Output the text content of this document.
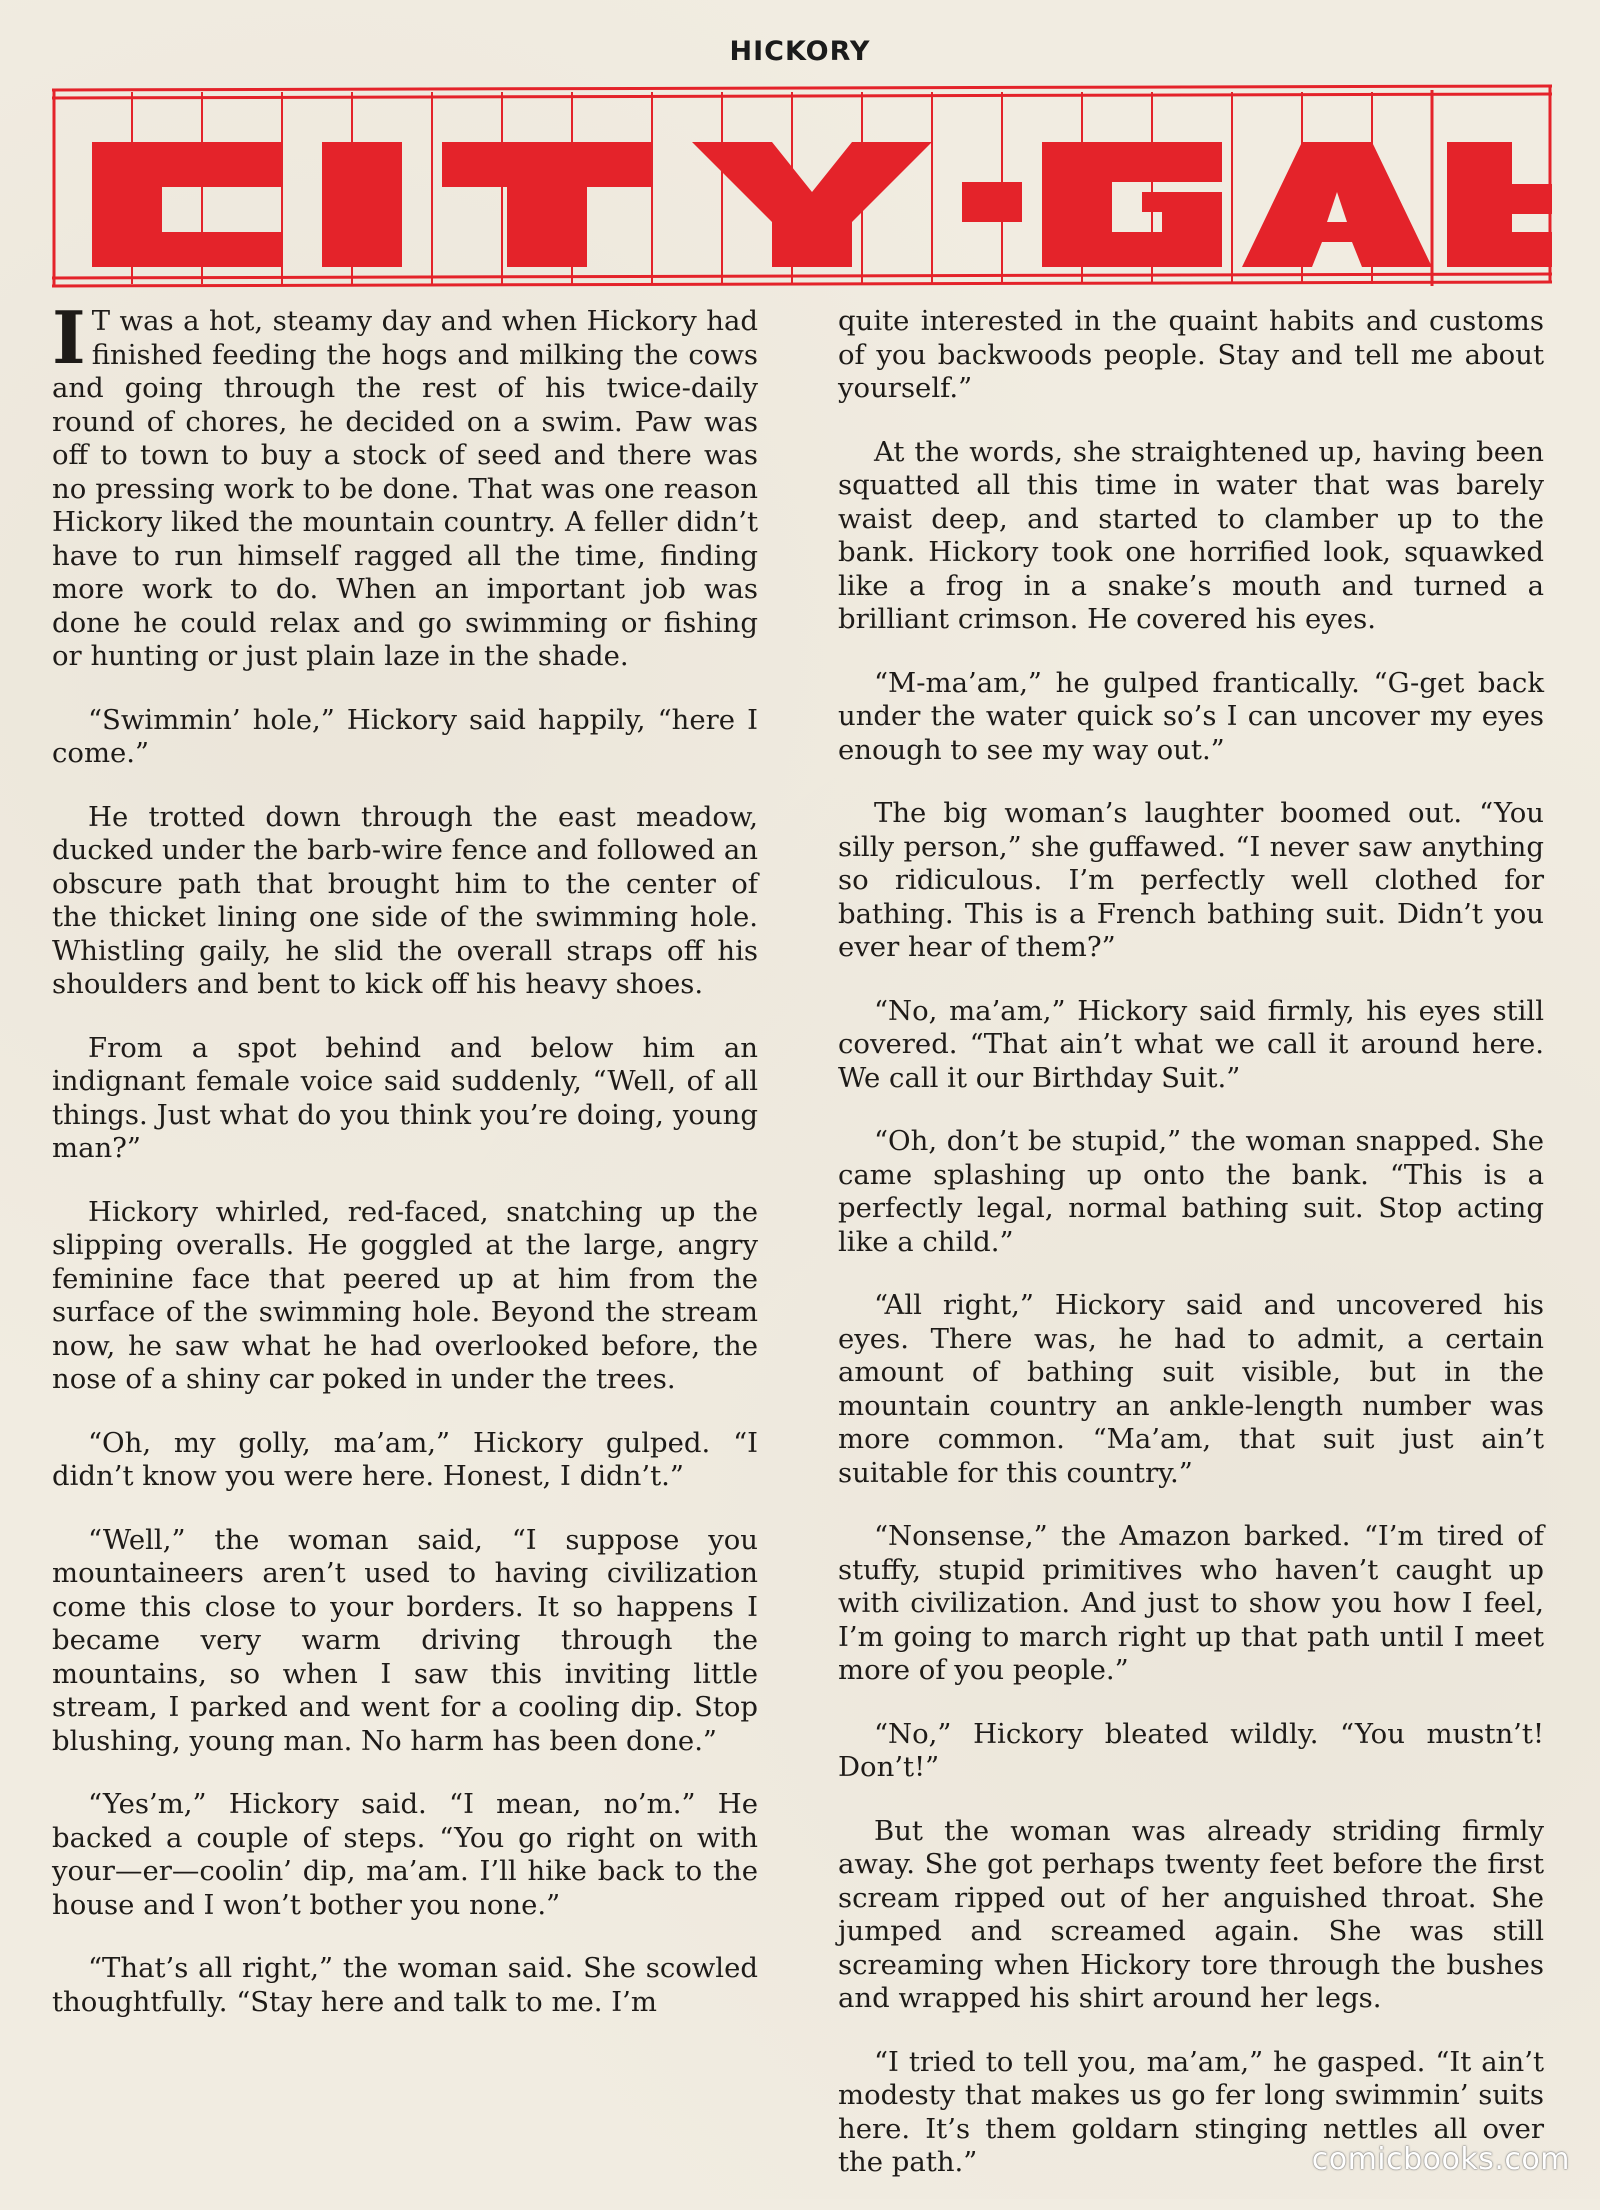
HICKORY

I T was a hot, steamy day and when Hickory had finished feeding the hogs and milking the cows and going through the rest of his twice-daily round of chores, he decided on a swim. Paw was off to town to buy a stock of seed and there was no pressing work to be done. That was one reason Hickory liked the mountain country. A feller didn’t have to run himself ragged all the time, finding more work to do. When an important job was done he could relax and go swimming or fishing or hunting or just plain laze in the shade.

“Swimmin’ hole,” Hickory said happily, “here I come.”

He trotted down through the east meadow, ducked under the barb-wire fence and followed an obscure path that brought him to the center of the thicket lining one side of the swimming hole. Whistling gaily, he slid the overall straps off his shoulders and bent to kick off his heavy shoes.

From a spot behind and below him an indignant female voice said suddenly, “Well, of all things. Just what do you think you’re doing, young man?”

Hickory whirled, red-faced, snatching up the slipping overalls. He goggled at the large, angry feminine face that peered up at him from the surface of the swimming hole. Beyond the stream now, he saw what he had overlooked before, the nose of a shiny car poked in under the trees.

“Oh, my golly, ma’am,” Hickory gulped. “I didn’t know you were here. Honest, I didn’t.”

“Well,” the woman said, “I suppose you mountaineers aren’t used to having civilization come this close to your borders. It so happens I became very warm driving through the mountains, so when I saw this inviting little stream, I parked and went for a cooling dip. Stop blushing, young man. No harm has been done.”

“Yes’m,” Hickory said. “I mean, no’m.” He backed a couple of steps. “You go right on with your—er—coolin’ dip, ma’am. I’ll hike back to the house and I won’t bother you none.”

“That’s all right,” the woman said. She scowled thoughtfully. “Stay here and talk to me. I’m

quite interested in the quaint habits and customs of you backwoods people. Stay and tell me about yourself.”

At the words, she straightened up, having been squatted all this time in water that was barely waist deep, and started to clamber up to the bank. Hickory took one horrified look, squawked like a frog in a snake’s mouth and turned a brilliant crimson. He covered his eyes.

“M-ma’am,” he gulped frantically. “G-get back under the water quick so’s I can uncover my eyes enough to see my way out.”

The big woman’s laughter boomed out. “You silly person,” she guffawed. “I never saw anything so ridiculous. I’m perfectly well clothed for bathing. This is a French bathing suit. Didn’t you ever hear of them?”

“No, ma’am,” Hickory said firmly, his eyes still covered. “That ain’t what we call it around here. We call it our Birthday Suit.”

“Oh, don’t be stupid,” the woman snapped. She came splashing up onto the bank. “This is a perfectly legal, normal bathing suit. Stop acting like a child.”

“All right,” Hickory said and uncovered his eyes. There was, he had to admit, a certain amount of bathing suit visible, but in the mountain country an ankle-length number was more common. “Ma’am, that suit just ain’t suitable for this country.”

“Nonsense,” the Amazon barked. “I’m tired of stuffy, stupid primitives who haven’t caught up with civilization. And just to show you how I feel, I’m going to march right up that path until I meet more of you people.”

“No,” Hickory bleated wildly. “You mustn’t! Don’t!”

But the woman was already striding firmly away. She got perhaps twenty feet before the first scream ripped out of her anguished throat. She jumped and screamed again. She was still screaming when Hickory tore through the bushes and wrapped his shirt around her legs.

“I tried to tell you, ma’am,” he gasped. “It ain’t modesty that makes us go fer long swimmin’ suits here. It’s them goldarn stinging nettles all over the path.”	comicbooks.com
